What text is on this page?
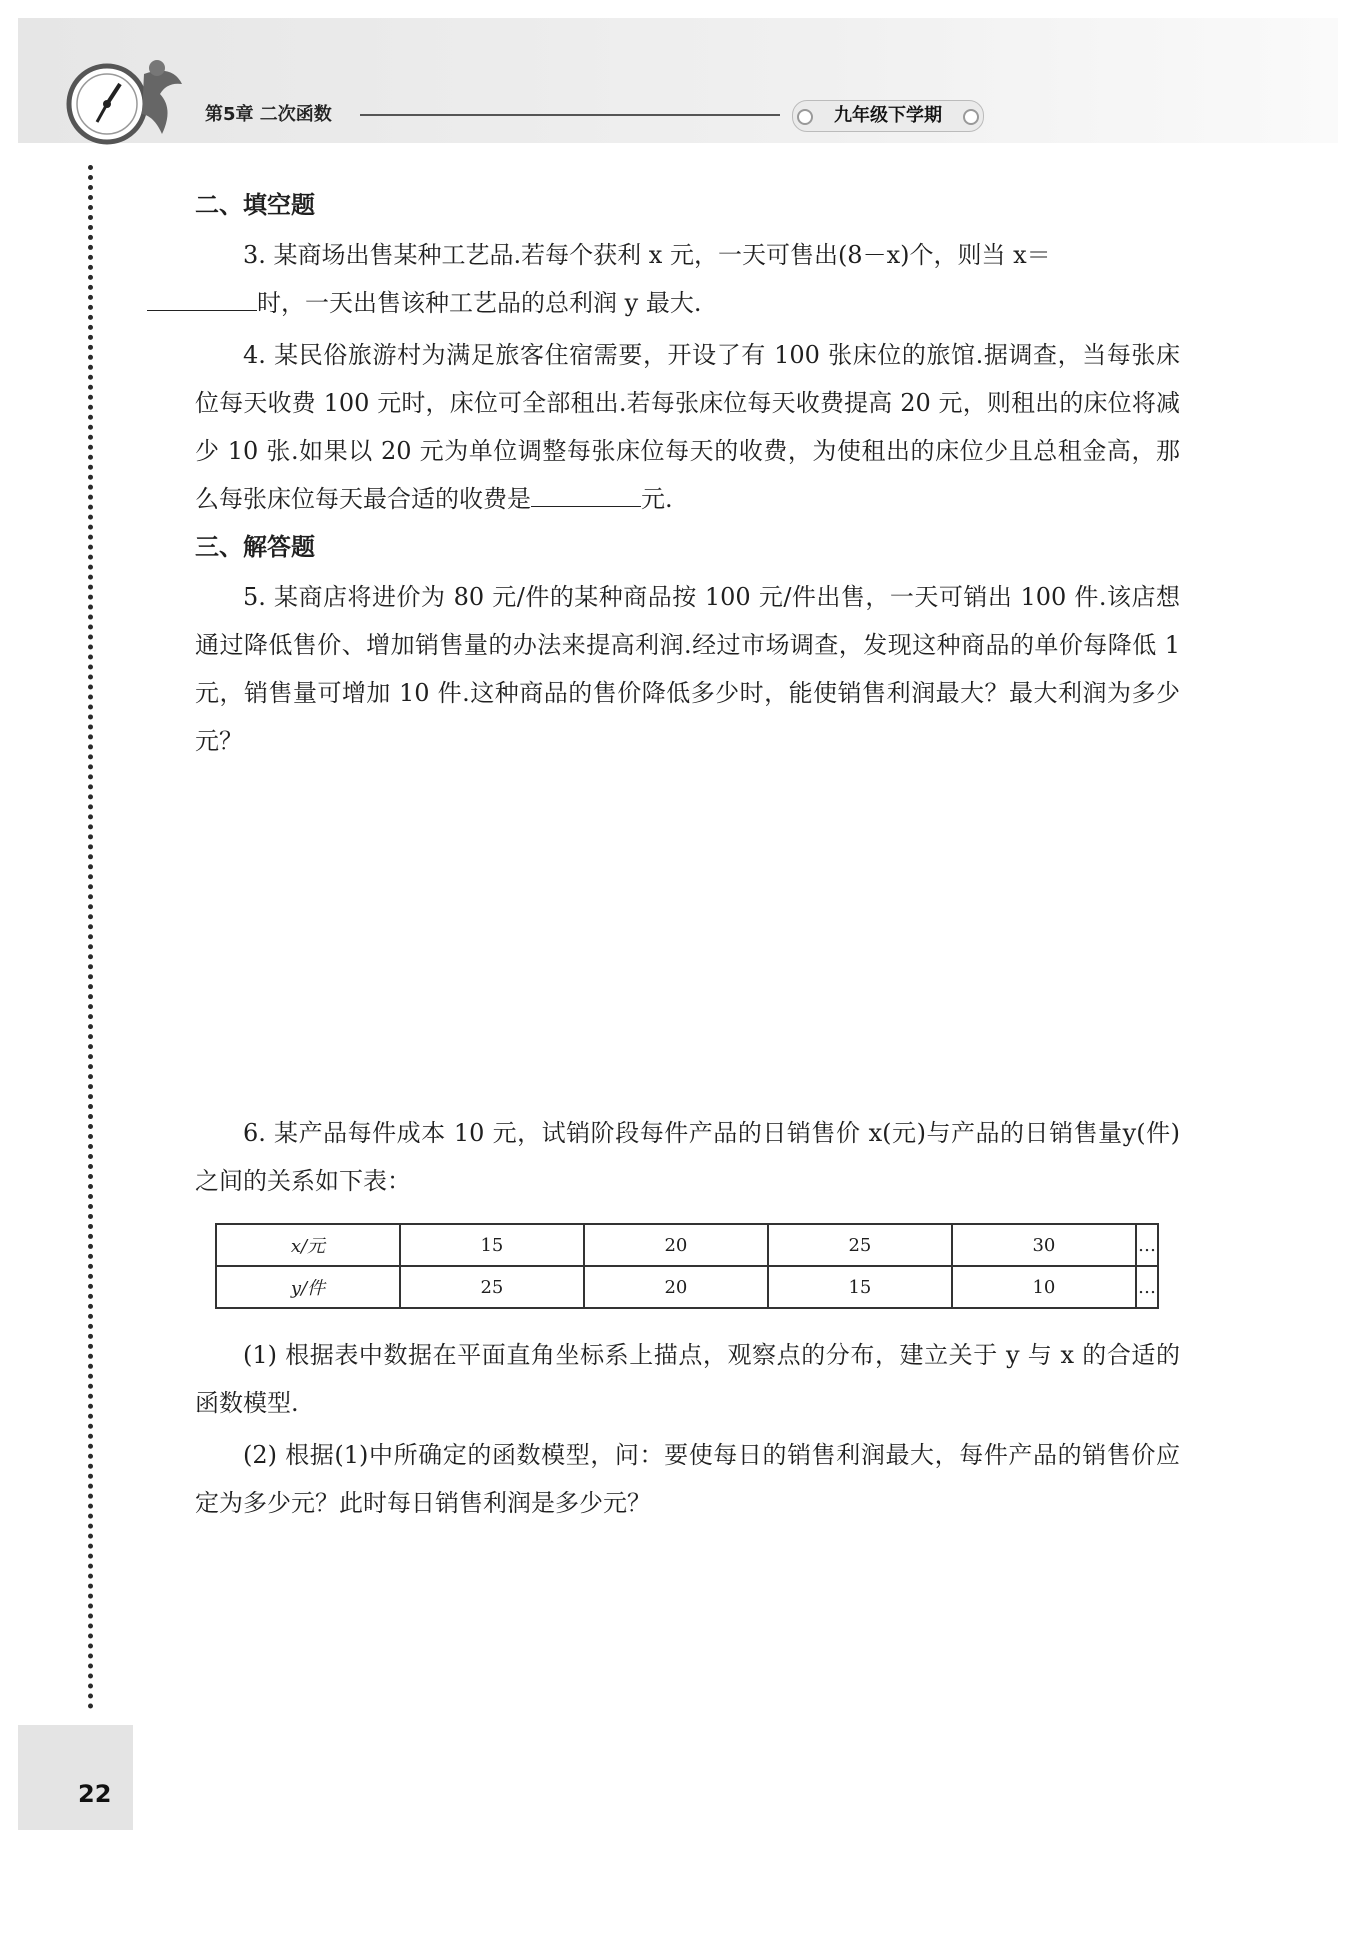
第5章 二次函数	九年级下学期
22
二、填空题
3. 某商场出售某种工艺品.若每个获利 x 元，一天可售出(8－x)个，则当 x＝
时，一天出售该种工艺品的总利润 y 最大.
4. 某民俗旅游村为满足旅客住宿需要，开设了有 100 张床位的旅馆.据调查，当每张床位每天收费 100 元时，床位可全部租出.若每张床位每天收费提高 20 元，则租出的床位将减少 10 张.如果以 20 元为单位调整每张床位每天的收费，为使租出的床位少且总租金高，那么每张床位每天最合适的收费是	元.
三、解答题
5. 某商店将进价为 80 元/件的某种商品按 100 元/件出售，一天可销出 100 件.该店想通过降低售价、增加销售量的办法来提高利润.经过市场调查，发现这种商品的单价每降低 1 元，销售量可增加 10 件.这种商品的售价降低多少时，能使销售利润最大？最大利润为多少元？
6. 某产品每件成本 10 元，试销阶段每件产品的日销售价 x(元)与产品的日销售量y(件)之间的关系如下表：
x/元	15	20	25	30	…
y/件	25	20	15	10	…
(1) 根据表中数据在平面直角坐标系上描点，观察点的分布，建立关于 y 与 x 的合适的函数模型.
(2) 根据(1)中所确定的函数模型，问：要使每日的销售利润最大，每件产品的销售价应定为多少元？此时每日销售利润是多少元？
